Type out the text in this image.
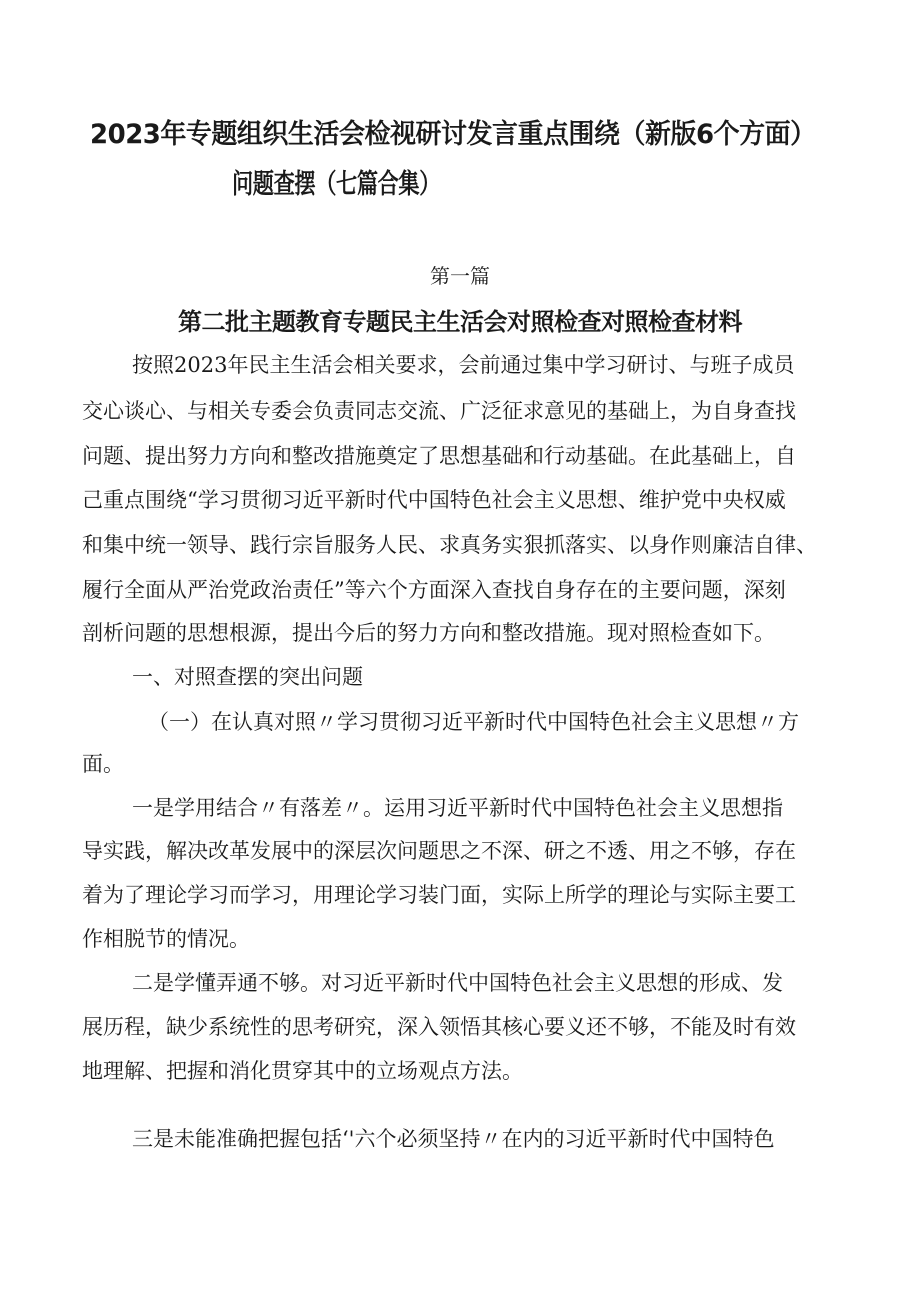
2023年专题组织生活会检视研讨发言重点围绕（新版6个方面）
问题查摆（七篇合集）
第一篇
第二批主题教育专题民主生活会对照检查对照检查材料
按照2023年民主生活会相关要求，会前通过集中学习研讨、与班子成员
交心谈心、与相关专委会负责同志交流、广泛征求意见的基础上，为自身查找
问题、提出努力方向和整改措施奠定了思想基础和行动基础。在此基础上，自
己重点围绕“学习贯彻习近平新时代中国特色社会主义思想、维护党中央权威
和集中统一领导、践行宗旨服务人民、求真务实狠抓落实、以身作则廉洁自律、
履行全面从严治党政治责任”等六个方面深入查找自身存在的主要问题，深刻
剖析问题的思想根源，提出今后的努力方向和整改措施。现对照检查如下。
一、对照查摆的突出问题
（一）在认真对照〃学习贯彻习近平新时代中国特色社会主义思想〃方
面。
一是学用结合〃有落差〃。运用习近平新时代中国特色社会主义思想指
导实践，解决改革发展中的深层次问题思之不深、研之不透、用之不够，存在
着为了理论学习而学习，用理论学习装门面，实际上所学的理论与实际主要工
作相脱节的情况。
二是学懂弄通不够。对习近平新时代中国特色社会主义思想的形成、发
展历程，缺少系统性的思考研究，深入领悟其核心要义还不够，不能及时有效
地理解、把握和消化贯穿其中的立场观点方法。
三是未能准确把握包括‘'六个必须坚持〃在内的习近平新时代中国特色
